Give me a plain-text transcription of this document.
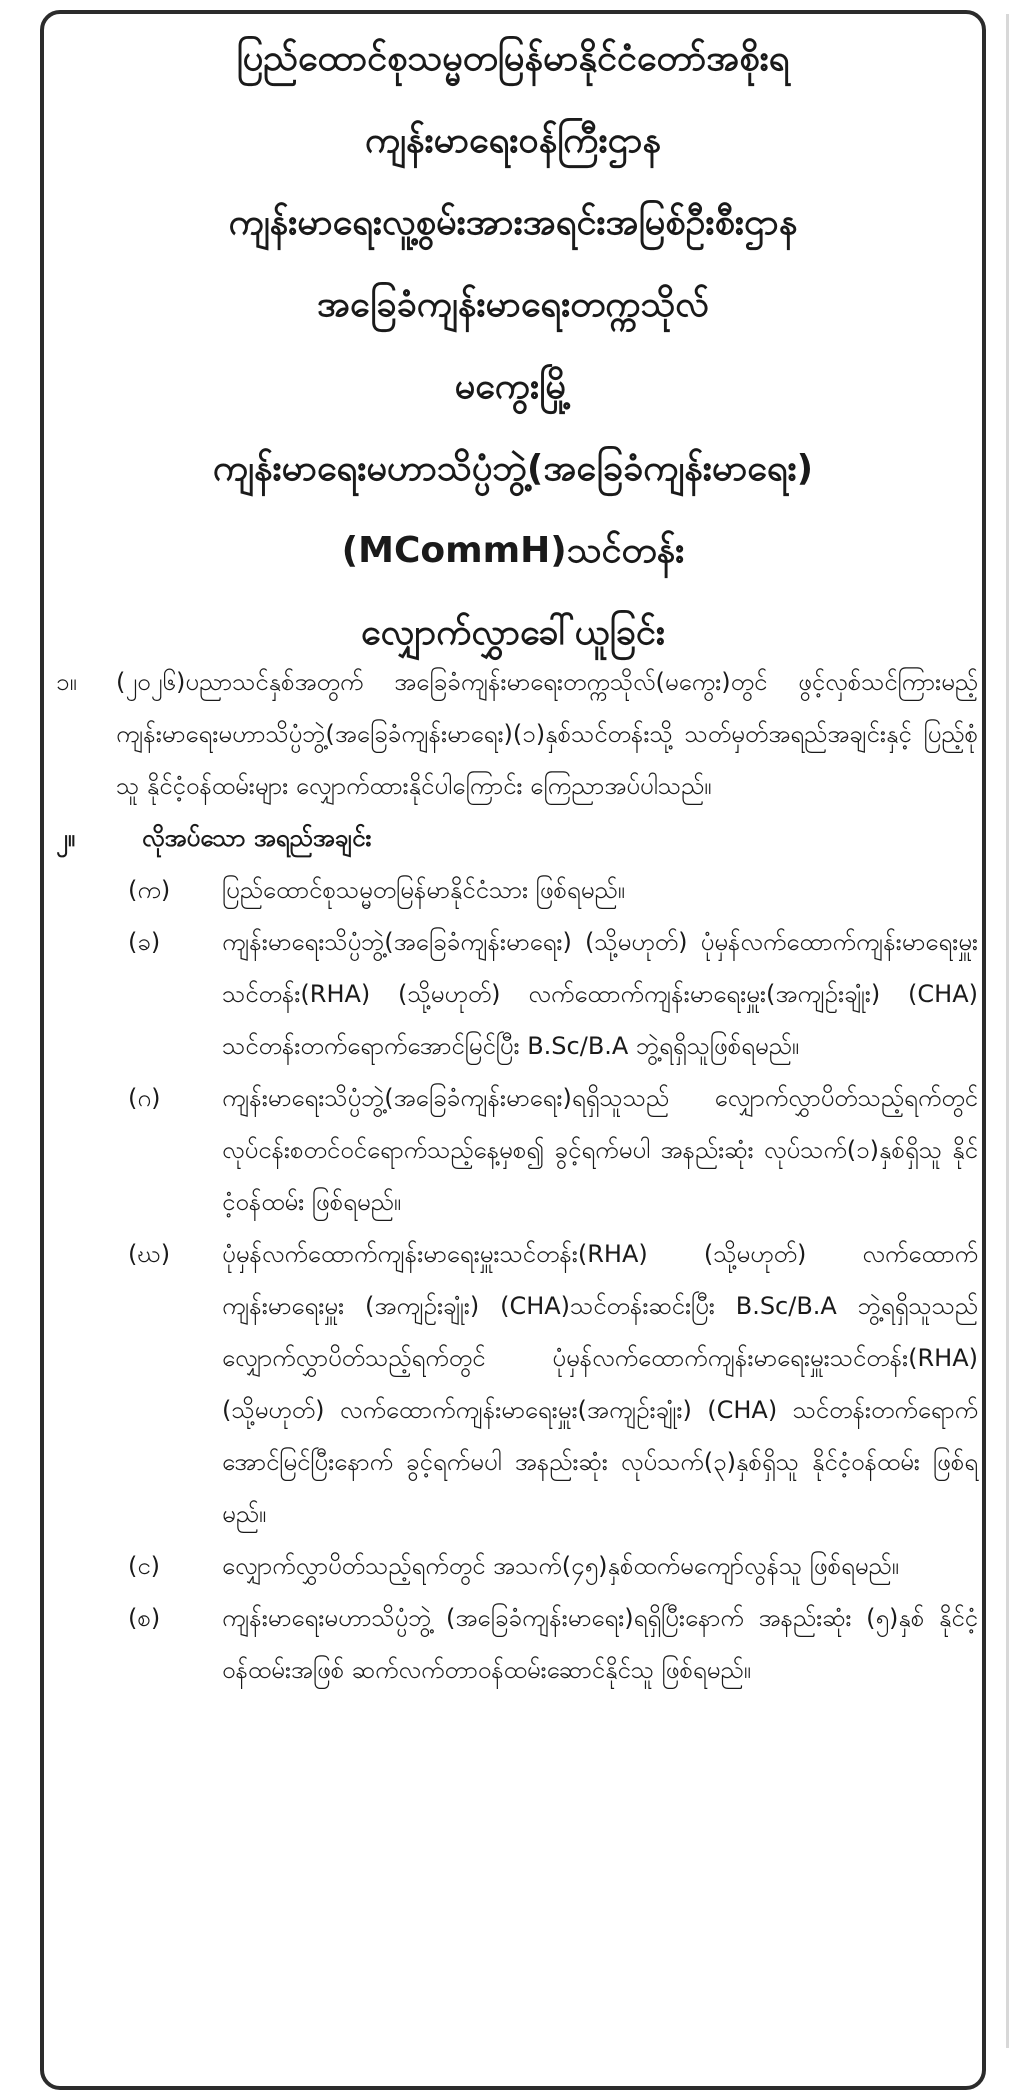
ပြည်ထောင်စုသမ္မတမြန်မာနိုင်ငံတော်အစိုးရ
ကျန်းမာရေးဝန်ကြီးဌာန
ကျန်းမာရေးလူ့စွမ်းအားအရင်းအမြစ်ဦးစီးဌာန
အခြေခံကျန်းမာရေးတက္ကသိုလ်
မကွေးမြို့
ကျန်းမာရေးမဟာသိပ္ပံဘွဲ့(အခြေခံကျန်းမာရေး)
(MCommH)သင်တန်း
လျှောက်လွှာခေါ်ယူခြင်း
၁။	(၂၀၂၆)ပညာသင်နှစ်အတွက် အခြေခံကျန်းမာရေးတက္ကသိုလ်(မကွေး)တွင် ဖွင့်လှစ်သင်ကြားမည့် ကျန်းမာရေးမဟာသိပ္ပံဘွဲ့(အခြေခံကျန်းမာရေး)(၁)နှစ်သင်တန်းသို့ သတ်မှတ်အရည်အချင်းနှင့် ပြည့်စုံသူ နိုင်ငံ့ဝန်ထမ်းများ လျှောက်ထားနိုင်ပါကြောင်း ကြေညာအပ်ပါသည်။
၂။	လိုအပ်သော အရည်အချင်း
(က)	ပြည်ထောင်စုသမ္မတမြန်မာနိုင်ငံသား ဖြစ်ရမည်။
(ခ)	ကျန်းမာရေးသိပ္ပံဘွဲ့(အခြေခံကျန်းမာရေး) (သို့မဟုတ်) ပုံမှန်လက်ထောက်ကျန်းမာရေးမှူးသင်တန်း(RHA) (သို့မဟုတ်) လက်ထောက်ကျန်းမာရေးမှူး(အကျဉ်းချုံး) (CHA) သင်တန်းတက်ရောက်အောင်မြင်ပြီး B.Sc/B.A ဘွဲ့ရရှိသူဖြစ်ရမည်။
(ဂ)	ကျန်းမာရေးသိပ္ပံဘွဲ့(အခြေခံကျန်းမာရေး)ရရှိသူသည် လျှောက်လွှာပိတ်သည့်ရက်တွင် လုပ်ငန်းစတင်ဝင်ရောက်သည့်နေ့မှစ၍ ခွင့်ရက်မပါ အနည်းဆုံး လုပ်သက်(၁)နှစ်ရှိသူ နိုင်ငံ့ဝန်ထမ်း ဖြစ်ရမည်။
(ဃ)	ပုံမှန်လက်ထောက်ကျန်းမာရေးမှူးသင်တန်း(RHA) (သို့မဟုတ်) လက်ထောက်ကျန်းမာရေးမှူး (အကျဉ်းချုံး) (CHA)သင်တန်းဆင်းပြီး B.Sc/B.A ဘွဲ့ရရှိသူသည် လျှောက်လွှာပိတ်သည့်ရက်တွင် ပုံမှန်လက်ထောက်ကျန်းမာရေးမှူးသင်တန်း(RHA) (သို့မဟုတ်) လက်ထောက်ကျန်းမာရေးမှူး(အကျဉ်းချုံး) (CHA) သင်တန်းတက်ရောက်အောင်မြင်ပြီးနောက် ခွင့်ရက်မပါ အနည်းဆုံး လုပ်သက်(၃)နှစ်ရှိသူ နိုင်ငံ့ဝန်ထမ်း ဖြစ်ရမည်။
(င)	လျှောက်လွှာပိတ်သည့်ရက်တွင် အသက်(၄၅)နှစ်ထက်မကျော်လွန်သူ ဖြစ်ရမည်။
(စ)	ကျန်းမာရေးမဟာသိပ္ပံဘွဲ့ (အခြေခံကျန်းမာရေး)ရရှိပြီးနောက် အနည်းဆုံး (၅)နှစ် နိုင်ငံ့ဝန်ထမ်းအဖြစ် ဆက်လက်တာဝန်ထမ်းဆောင်နိုင်သူ ဖြစ်ရမည်။
